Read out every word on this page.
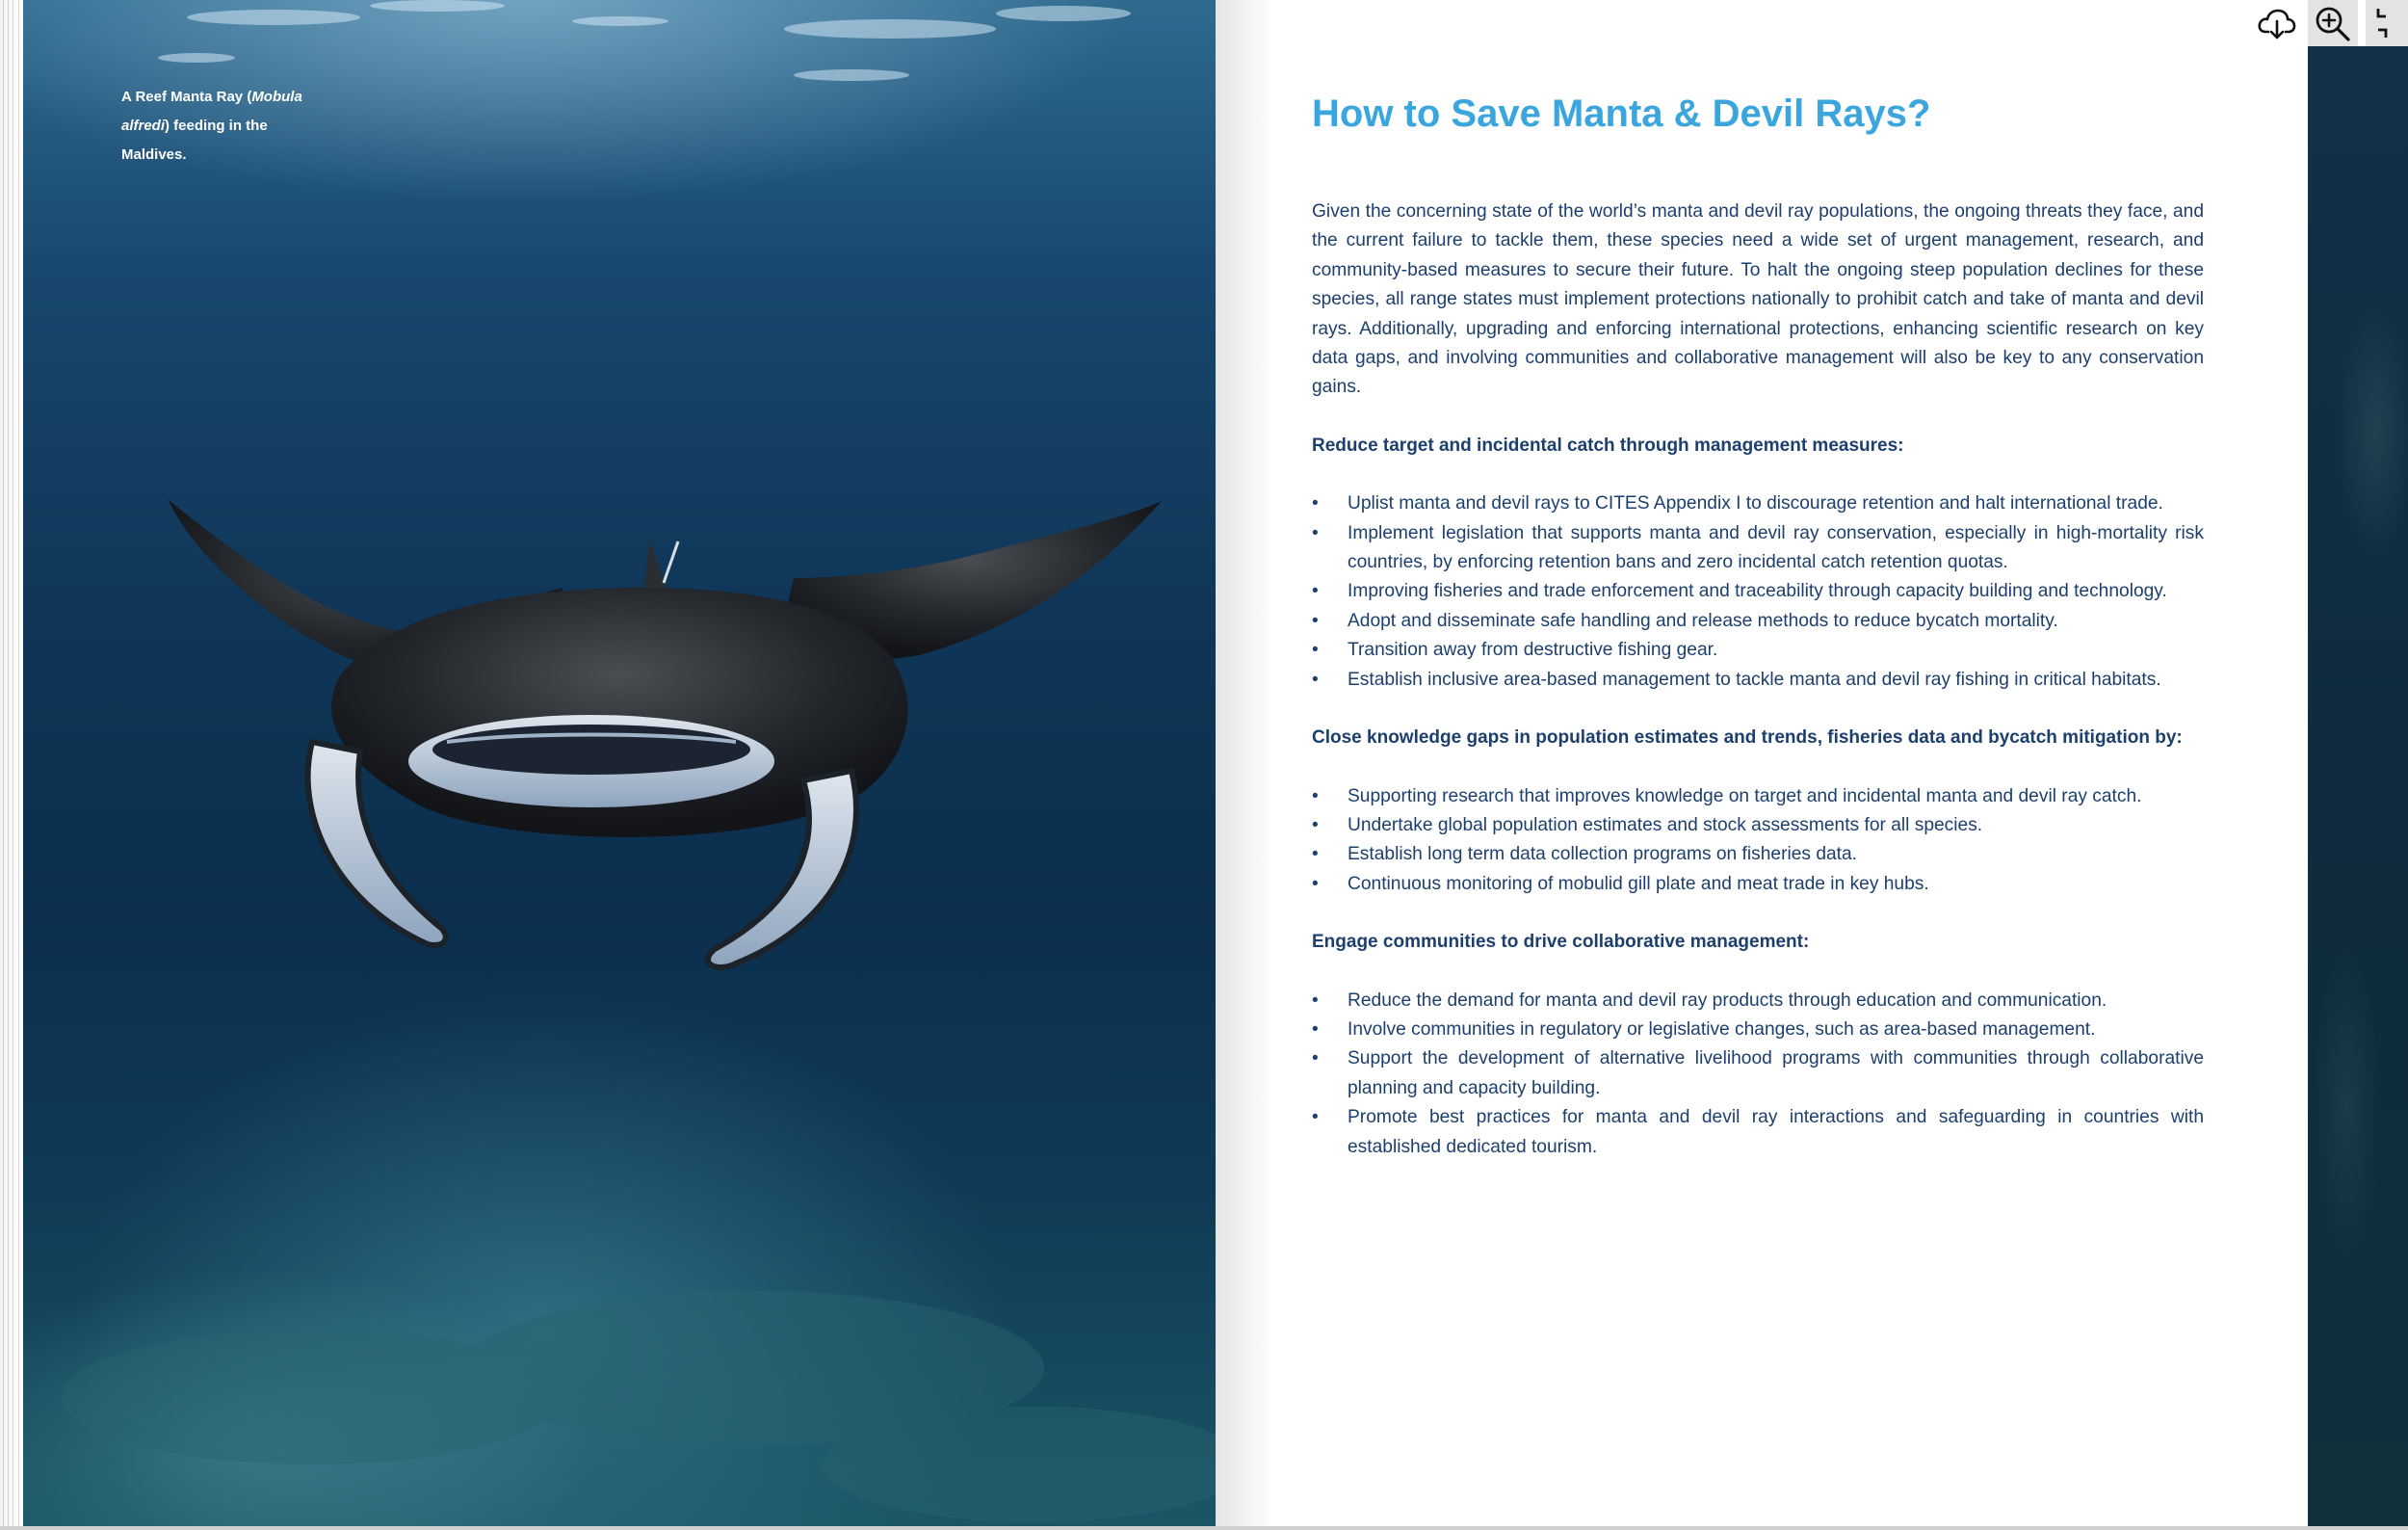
A Reef Manta Ray (Mobula alfredi) feeding in the Maldives.
How to Save Manta & Devil Rays?

Given the concerning state of the world’s manta and devil ray populations, the ongoing threats they face, and the current failure to tackle them, these species need a wide set of urgent management, research, and community-based measures to secure their future. To halt the ongoing steep population declines for these species, all range states must implement protections nationally to prohibit catch and take of manta and devil rays. Additionally, upgrading and enforcing international protections, enhancing scientific research on key data gaps, and involving communities and collaborative management will also be key to any conservation gains.

Reduce target and incidental catch through management measures:
• Uplist manta and devil rays to CITES Appendix I to discourage retention and halt international trade.
• Implement legislation that supports manta and devil ray conservation, especially in high-mortality risk countries, by enforcing retention bans and zero incidental catch retention quotas.
• Improving fisheries and trade enforcement and traceability through capacity building and technology.
• Adopt and disseminate safe handling and release methods to reduce bycatch mortality.
• Transition away from destructive fishing gear.
• Establish inclusive area-based management to tackle manta and devil ray fishing in critical habitats.
Close knowledge gaps in population estimates and trends, fisheries data and bycatch mitigation by:
• Supporting research that improves knowledge on target and incidental manta and devil ray catch.
• Undertake global population estimates and stock assessments for all species.
• Establish long term data collection programs on fisheries data.
• Continuous monitoring of mobulid gill plate and meat trade in key hubs.
Engage communities to drive collaborative management:
• Reduce the demand for manta and devil ray products through education and communication.
• Involve communities in regulatory or legislative changes, such as area-based management.
• Support the development of alternative livelihood programs with communities through collaborative planning and capacity building.
• Promote best practices for manta and devil ray interactions and safeguarding in countries with established dedicated tourism.
